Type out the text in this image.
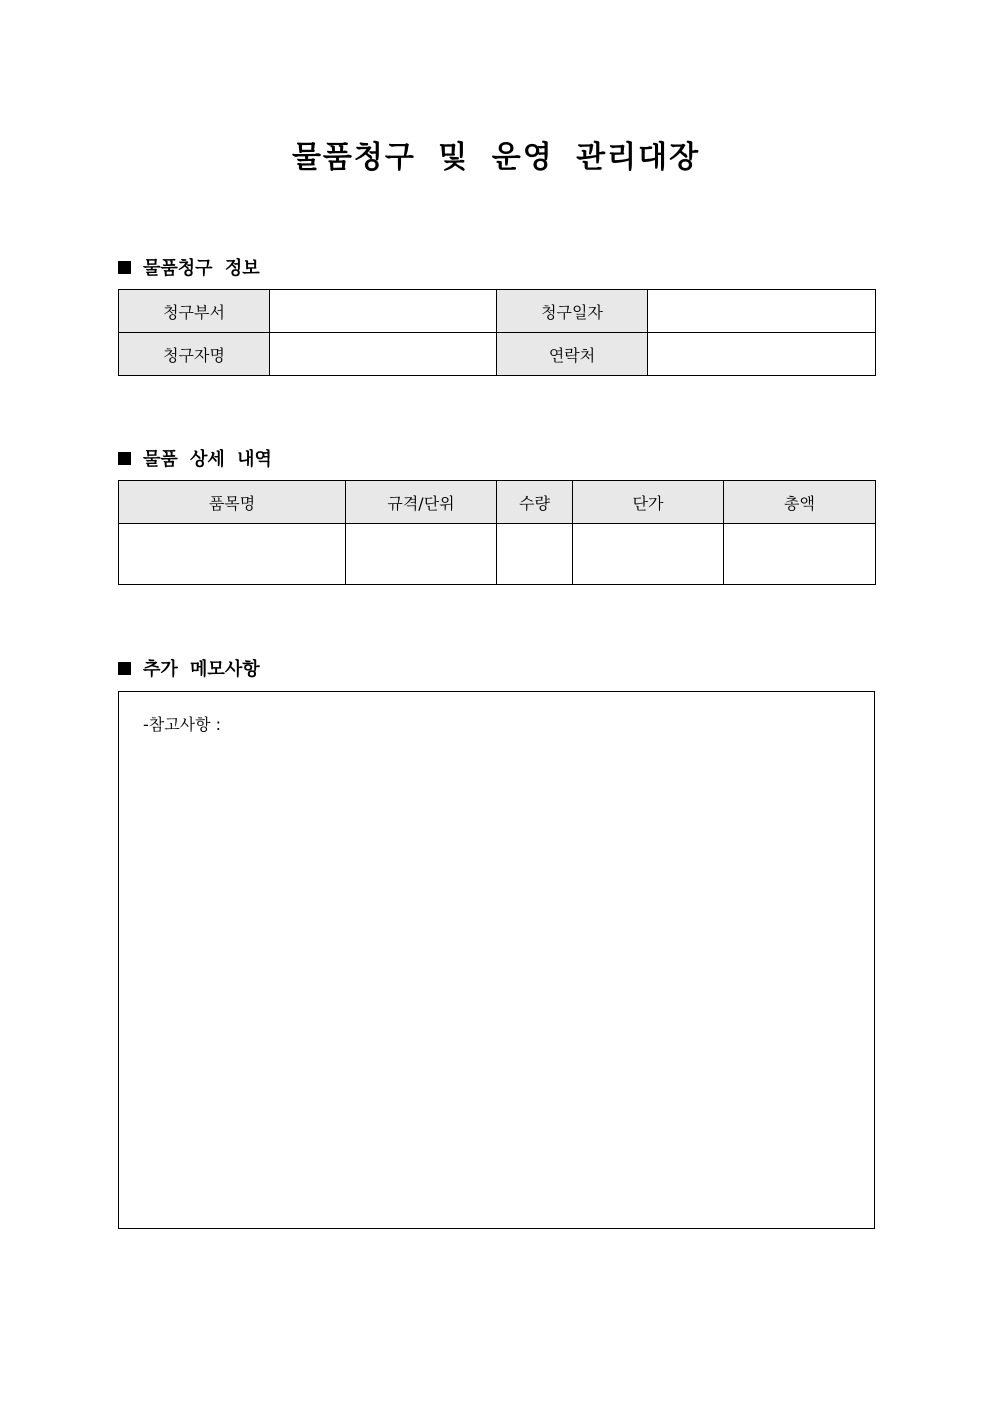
물품청구 및 운영 관리대장
물품청구 정보
청구부서		청구일자	
청구자명		연락처	
물품 상세 내역
품목명	규격/단위	수량	단가	총액

추가 메모사항
-참고사항 :
